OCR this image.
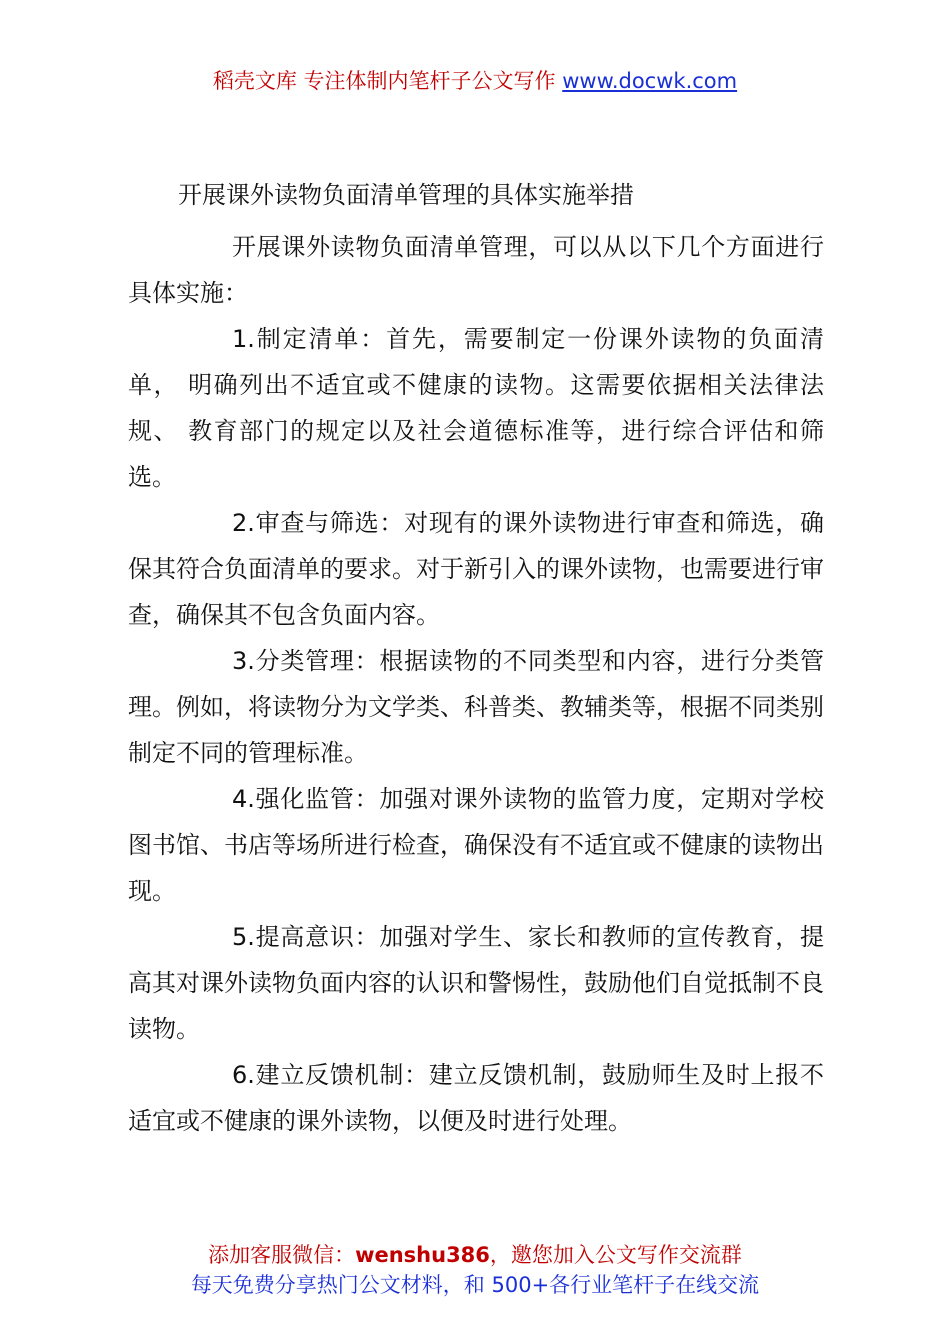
稻壳文库 专注体制内笔杆子公文写作 www.docwk.com
开展课外读物负面清单管理的具体实施举措

开展课外读物负面清单管理，可以从以下几个方面进行 具体实施：

1.制定清单：首先，需要制定一份课外读物的负面清单， 明确列出不适宜或不健康的读物。这需要依据相关法律法规、 教育部门的规定以及社会道德标准等，进行综合评估和筛选。

2.审查与筛选：对现有的课外读物进行审查和筛选，确 保其符合负面清单的要求。对于新引入的课外读物，也需要进行审查，确保其不包含负面内容。

3.分类管理：根据读物的不同类型和内容，进行分类管 理。例如，将读物分为文学类、科普类、教辅类等，根据不同类别制定不同的管理标准。

4.强化监管：加强对课外读物的监管力度，定期对学校 图书馆、书店等场所进行检查，确保没有不适宜或不健康的读物出现。

5.提高意识：加强对学生、家长和教师的宣传教育，提 高其对课外读物负面内容的认识和警惕性，鼓励他们自觉抵制不良读物。

6.建立反馈机制：建立反馈机制，鼓励师生及时上报不 适宜或不健康的课外读物，以便及时进行处理。

添加客服微信：wenshu386，邀您加入公文写作交流群
每天免费分享热门公文材料，和 500+各行业笔杆子在线交流
